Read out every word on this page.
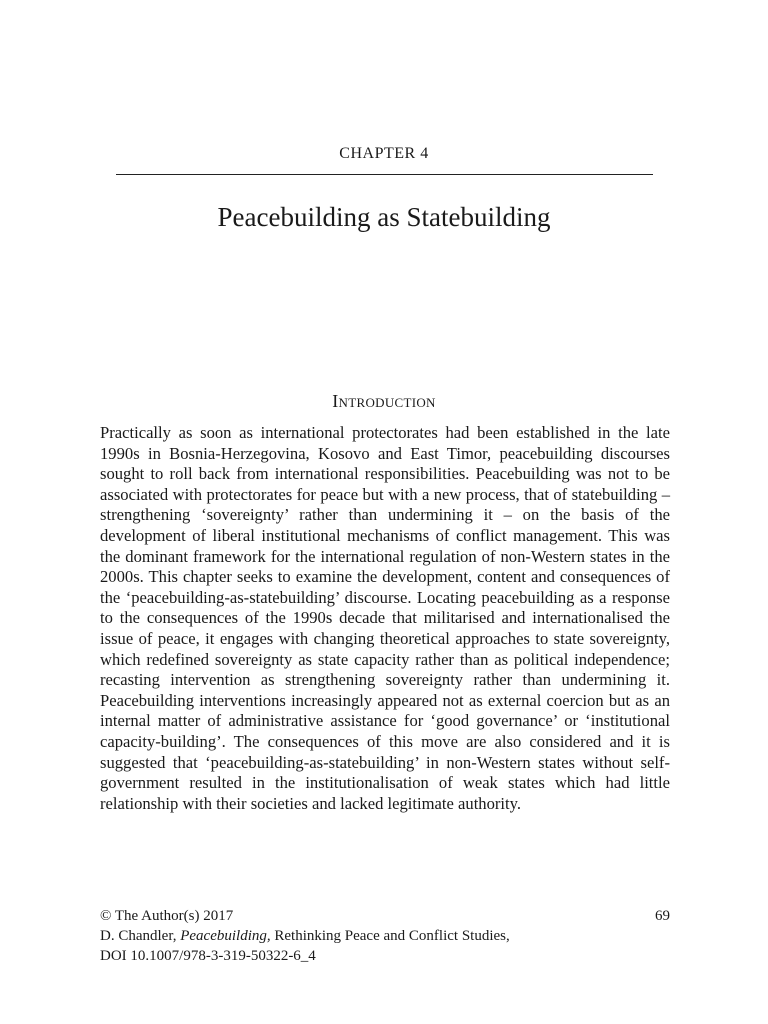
CHAPTER 4
Peacebuilding as Statebuilding
Introduction

Practically as soon as international protectorates had been established in the late 1990s in Bosnia-Herzegovina, Kosovo and East Timor, peacebuilding discourses sought to roll back from international responsibilities. Peacebuilding was not to be associated with protectorates for peace but with a new process, that of statebuilding – strengthening ‘sovereignty’ rather than undermining it – on the basis of the development of liberal institutional mechanisms of conflict management. This was the dominant framework for the international regulation of non-Western states in the 2000s. This chapter seeks to examine the development, content and consequences of the ‘peacebuilding-as-statebuilding’ discourse. Locating peacebuilding as a response to the consequences of the 1990s decade that militarised and internationalised the issue of peace, it engages with changing theoretical approaches to state sovereignty, which redefined sovereignty as state capacity rather than as political independence; recasting intervention as strengthening sovereignty rather than undermining it. Peacebuilding interventions increasingly appeared not as external coercion but as an internal matter of administrative assistance for ‘good governance’ or ‘institutional capacity-building’. The consequences of this move are also considered and it is suggested that ‘peacebuilding-as-statebuilding’ in non-Western states without self-government resulted in the institutionalisation of weak states which had little relationship with their societies and lacked legitimate authority.

© The Author(s) 2017
D. Chandler, Peacebuilding, Rethinking Peace and Conflict Studies,
DOI 10.1007/978-3-319-50322-6_4
69
